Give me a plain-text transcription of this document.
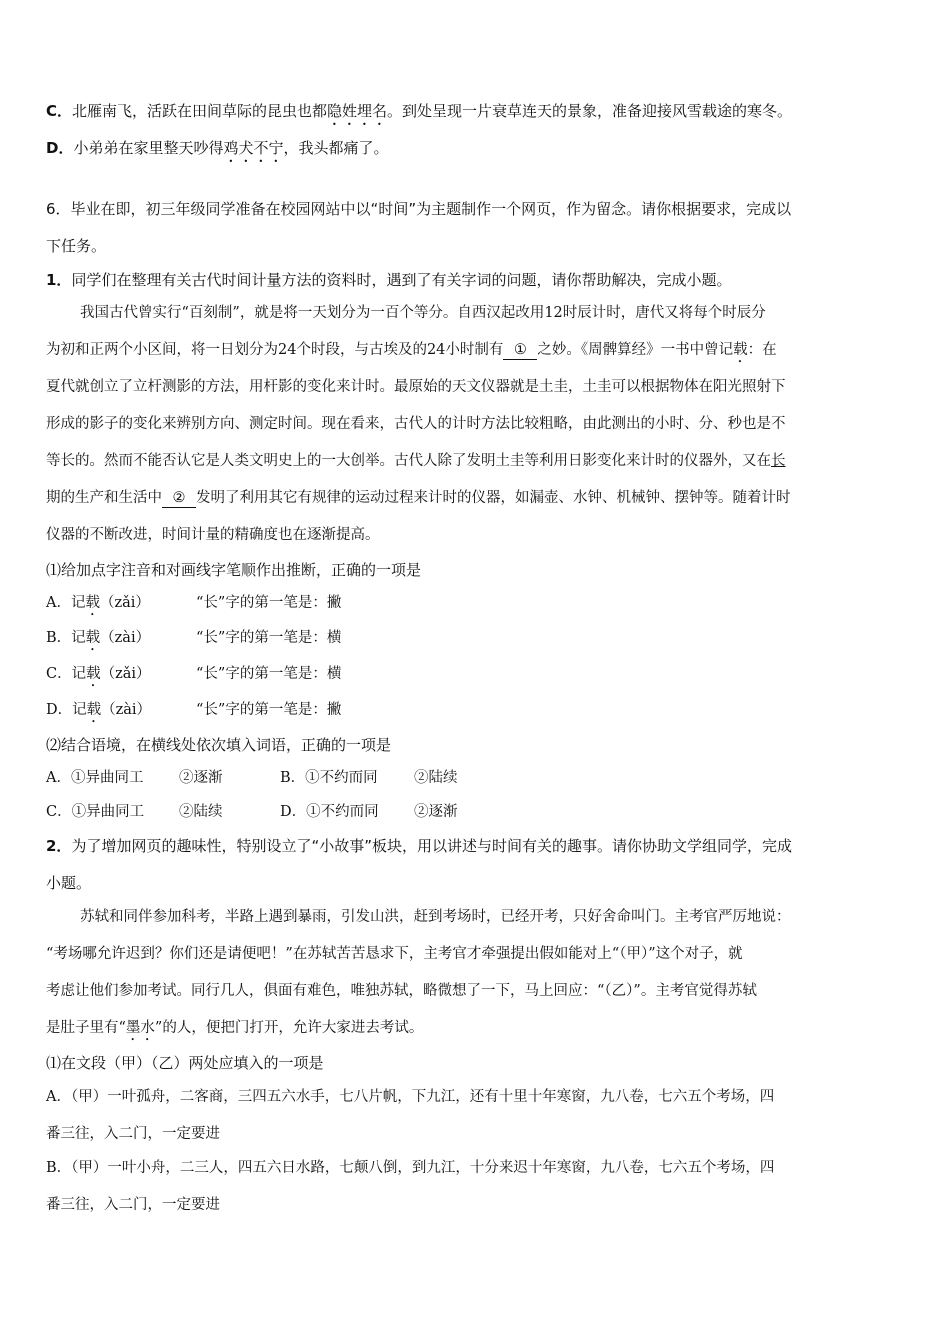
C．北雁南飞，活跃在田间草际的昆虫也都隐姓埋名。到处呈现一片衰草连天的景象，准备迎接风雪载途的寒冬。
D．小弟弟在家里整天吵得鸡犬不宁，我头都痛了。
6．毕业在即，初三年级同学准备在校园网站中以“时间”为主题制作一个网页，作为留念。请你根据要求，完成以
下任务。
1．同学们在整理有关古代时间计量方法的资料时，遇到了有关字词的问题，请你帮助解决，完成小题。
我国古代曾实行“百刻制”，就是将一天划分为一百个等分。自西汉起改用12时辰计时，唐代又将每个时辰分
为初和正两个小区间，将一日划分为24个时段，与古埃及的24小时制有 ① 之妙。《周髀算经》一书中曾记载：在
夏代就创立了立杆测影的方法，用杆影的变化来计时。最原始的天文仪器就是土圭，土圭可以根据物体在阳光照射下
形成的影子的变化来辨别方向、测定时间。现在看来，古代人的计时方法比较粗略，由此测出的小时、分、秒也是不
等长的。然而不能否认它是人类文明史上的一大创举。古代人除了发明土圭等利用日影变化来计时的仪器外，又在长
期的生产和生活中 ② 发明了利用其它有规律的运动过程来计时的仪器，如漏壶、水钟、机械钟、摆钟等。随着计时
仪器的不断改进，时间计量的精确度也在逐渐提高。
⑴给加点字注音和对画线字笔顺作出推断，正确的一项是
A．记载（zǎi）	“长”字的第一笔是：撇
B．记载（zài）	“长”字的第一笔是：横
C．记载（zǎi）	“长”字的第一笔是：横
D．记载（zài）	“长”字的第一笔是：撇
⑵结合语境，在横线处依次填入词语，正确的一项是
A．①异曲同工 ②逐渐	B．①不约而同	②陆续
C．①异曲同工 ②陆续	D．①不约而同 ②逐渐
2．为了增加网页的趣味性，特别设立了“小故事”板块，用以讲述与时间有关的趣事。请你协助文学组同学，完成
小题。
苏轼和同伴参加科考，半路上遇到暴雨，引发山洪，赶到考场时，已经开考，只好舍命叫门。主考官严厉地说：
“考场哪允许迟到？你们还是请便吧！”在苏轼苦苦恳求下，主考官才牵强提出假如能对上“（甲）”这个对子，就
考虑让他们参加考试。同行几人，俱面有难色，唯独苏轼，略微想了一下，马上回应：“（乙）”。主考官觉得苏轼
是肚子里有“墨水”的人，便把门打开，允许大家进去考试。
⑴在文段（甲）（乙）两处应填入的一项是
A．（甲）一叶孤舟，二客商，三四五六水手，七八片帆，下九江，还有十里十年寒窗，九八卷，七六五个考场，四
番三往，入二门，一定要进
B．（甲）一叶小舟，二三人，四五六日水路，七颠八倒，到九江，十分来迟十年寒窗，九八卷，七六五个考场，四
番三往，入二门，一定要进
